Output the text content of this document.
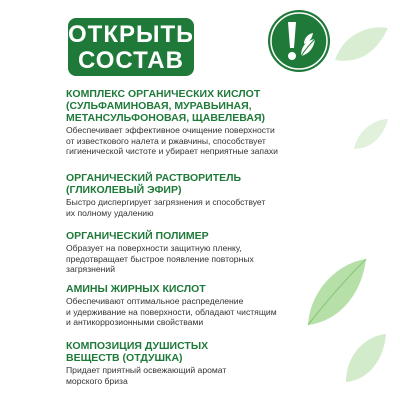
ОТКРЫТЫЙ
СОСТАВ
КОМПЛЕКС ОРГАНИЧЕСКИХ КИСЛОТ
(СУЛЬФАМИНОВАЯ, МУРАВЬИНАЯ,
МЕТАНСУЛЬФОНОВАЯ, ЩАВЕЛЕВАЯ)
Обеспечивает эффективное очищение поверхности
от известкового налета и ржавчины, способствует
гигиенической чистоте и убирает неприятные запахи
ОРГАНИЧЕСКИЙ РАСТВОРИТЕЛЬ
(ГЛИКОЛЕВЫЙ ЭФИР)
Быстро диспергирует загрязнения и способствует
их полному удалению
ОРГАНИЧЕСКИЙ ПОЛИМЕР
Образует на поверхности защитную пленку,
предотвращает быстрое появление повторных
загрязнений
АМИНЫ ЖИРНЫХ КИСЛОТ
Обеспечивают оптимальное распределение
и удерживание на поверхности, обладают чистящим
и антикоррозионными свойствами
КОМПОЗИЦИЯ ДУШИСТЫХ
ВЕЩЕСТВ (ОТДУШКА)
Придает приятный освежающий аромат
морского бриза
